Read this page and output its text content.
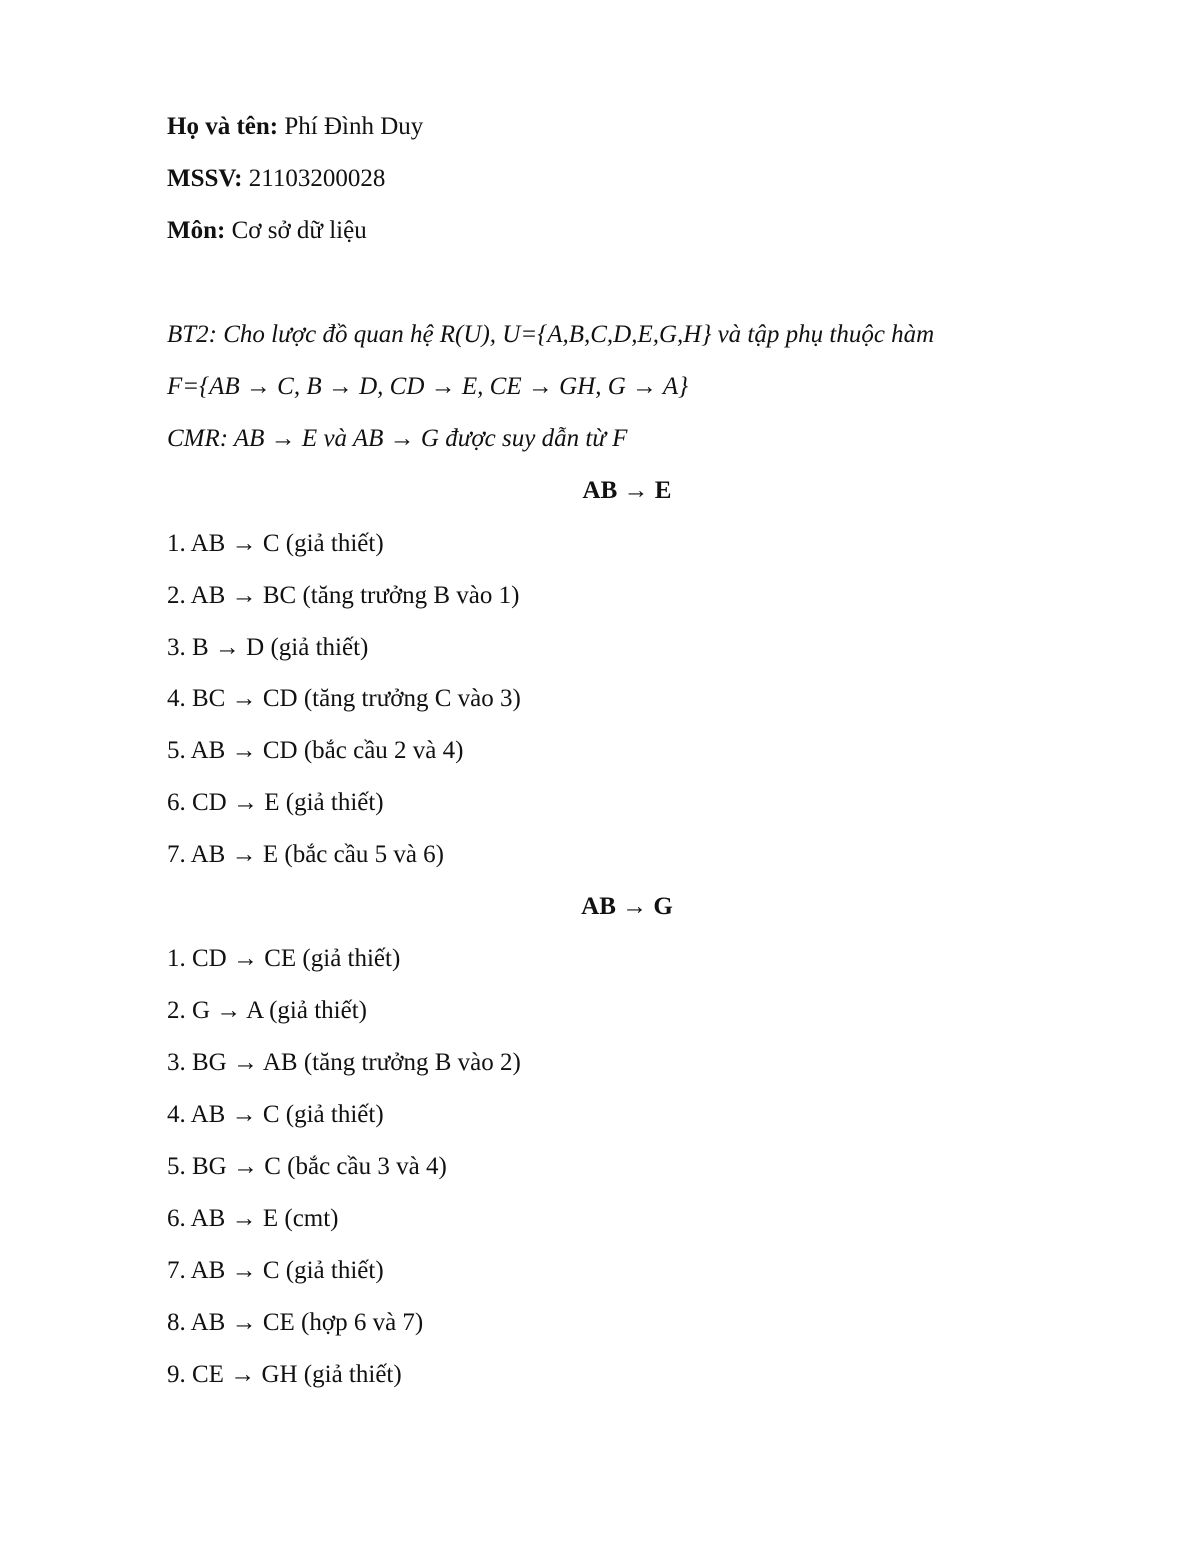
Họ và tên: Phí Đình Duy
MSSV: 21103200028
Môn: Cơ sở dữ liệu
BT2: Cho lược đồ quan hệ R(U), U={A,B,C,D,E,G,H} và tập phụ thuộc hàm
F={AB → C, B → D, CD → E, CE → GH, G → A}
CMR: AB → E và AB → G được suy dẫn từ F
AB → E
1. AB → C (giả thiết)
2. AB → BC (tăng trưởng B vào 1)
3. B → D (giả thiết)
4. BC → CD (tăng trưởng C vào 3)
5. AB → CD (bắc cầu 2 và 4)
6. CD → E (giả thiết)
7. AB → E (bắc cầu 5 và 6)
AB → G
1. CD → CE (giả thiết)
2. G → A (giả thiết)
3. BG → AB (tăng trưởng B vào 2)
4. AB → C (giả thiết)
5. BG → C (bắc cầu 3 và 4)
6. AB → E (cmt)
7. AB → C (giả thiết)
8. AB → CE (hợp 6 và 7)
9. CE → GH (giả thiết)
